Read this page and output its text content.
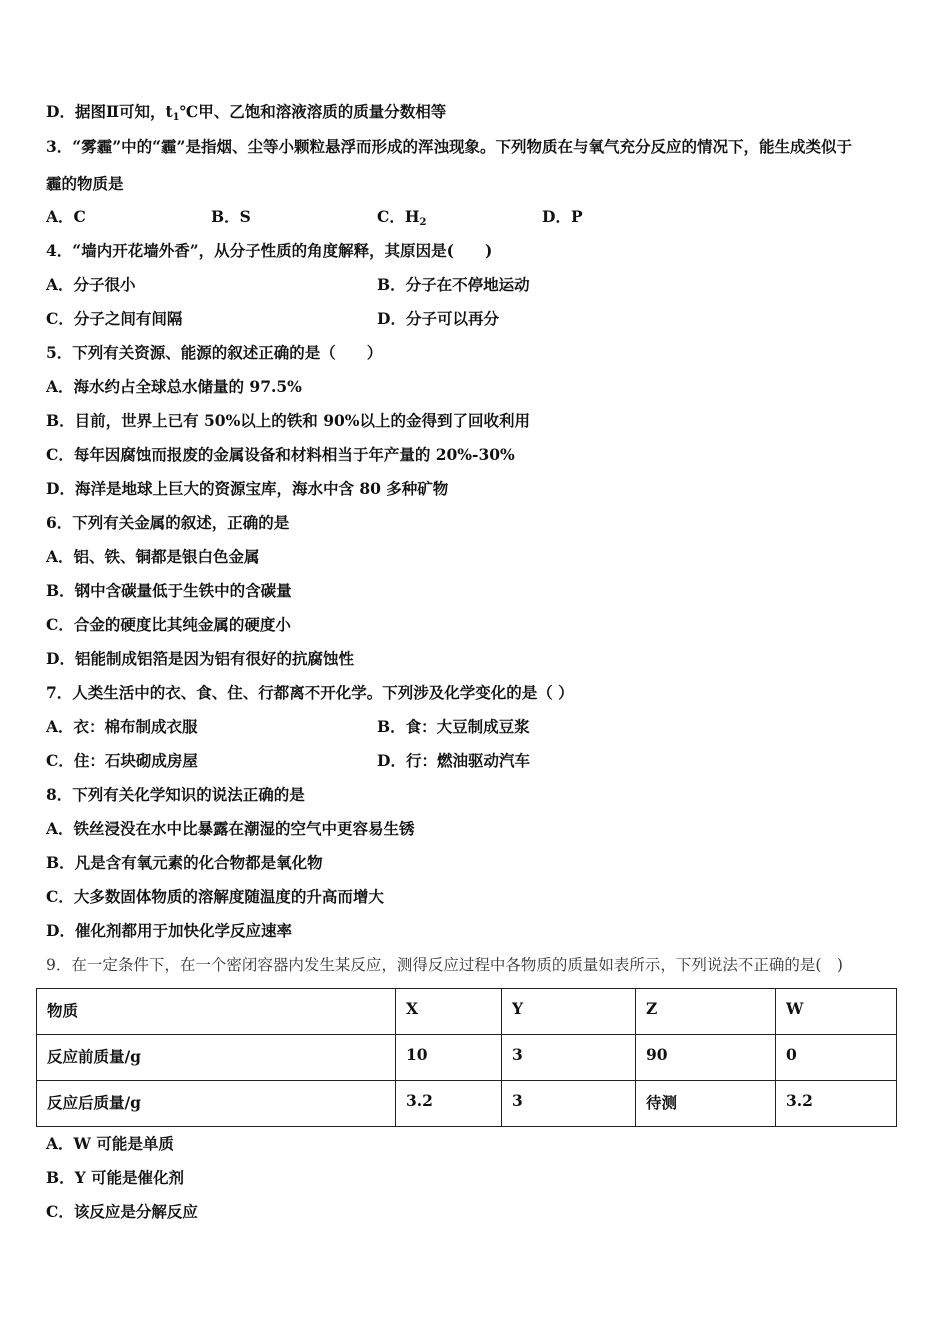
D．据图Ⅱ可知，$t_1℃$甲、乙饱和溶液溶质的质量分数相等
3．“雾霾”中的“霾”是指烟、尘等小颗粒悬浮而形成的浑浊现象。下列物质在与氧气充分反应的情况下，能生成类似于
霾的物质是
A．C	B．S	C．$H_2$	D．P
4．“墙内开花墙外香”，从分子性质的角度解释，其原因是(　　)
A．分子很小	B．分子在不停地运动
C．分子之间有间隔	D．分子可以再分
5．下列有关资源、能源的叙述正确的是（　　）
A．海水约占全球总水储量的 97.5%
B．目前，世界上已有 50%以上的铁和 90%以上的金得到了回收利用
C．每年因腐蚀而报废的金属设备和材料相当于年产量的 20%-30%
D．海洋是地球上巨大的资源宝库，海水中含 80 多种矿物
6．下列有关金属的叙述，正确的是
A．铝、铁、铜都是银白色金属
B．钢中含碳量低于生铁中的含碳量
C．合金的硬度比其纯金属的硬度小
D．铝能制成铝箔是因为铝有很好的抗腐蚀性
7．人类生活中的衣、食、住、行都离不开化学。下列涉及化学变化的是（ ）
A．衣：棉布制成衣服	B．食：大豆制成豆浆
C．住：石块砌成房屋	D．行：燃油驱动汽车
8．下列有关化学知识的说法正确的是
A．铁丝浸没在水中比暴露在潮湿的空气中更容易生锈
B．凡是含有氧元素的化合物都是氧化物
C．大多数固体物质的溶解度随温度的升高而增大
D．催化剂都用于加快化学反应速率
9．在一定条件下，在一个密闭容器内发生某反应，测得反应过程中各物质的质量如表所示，下列说法不正确的是(　)
物质	X	Y	Z	W
反应前质量/g	10	3	90	0
反应后质量/g	3.2	3	待测	3.2
A．W 可能是单质
B．Y 可能是催化剂
C．该反应是分解反应
